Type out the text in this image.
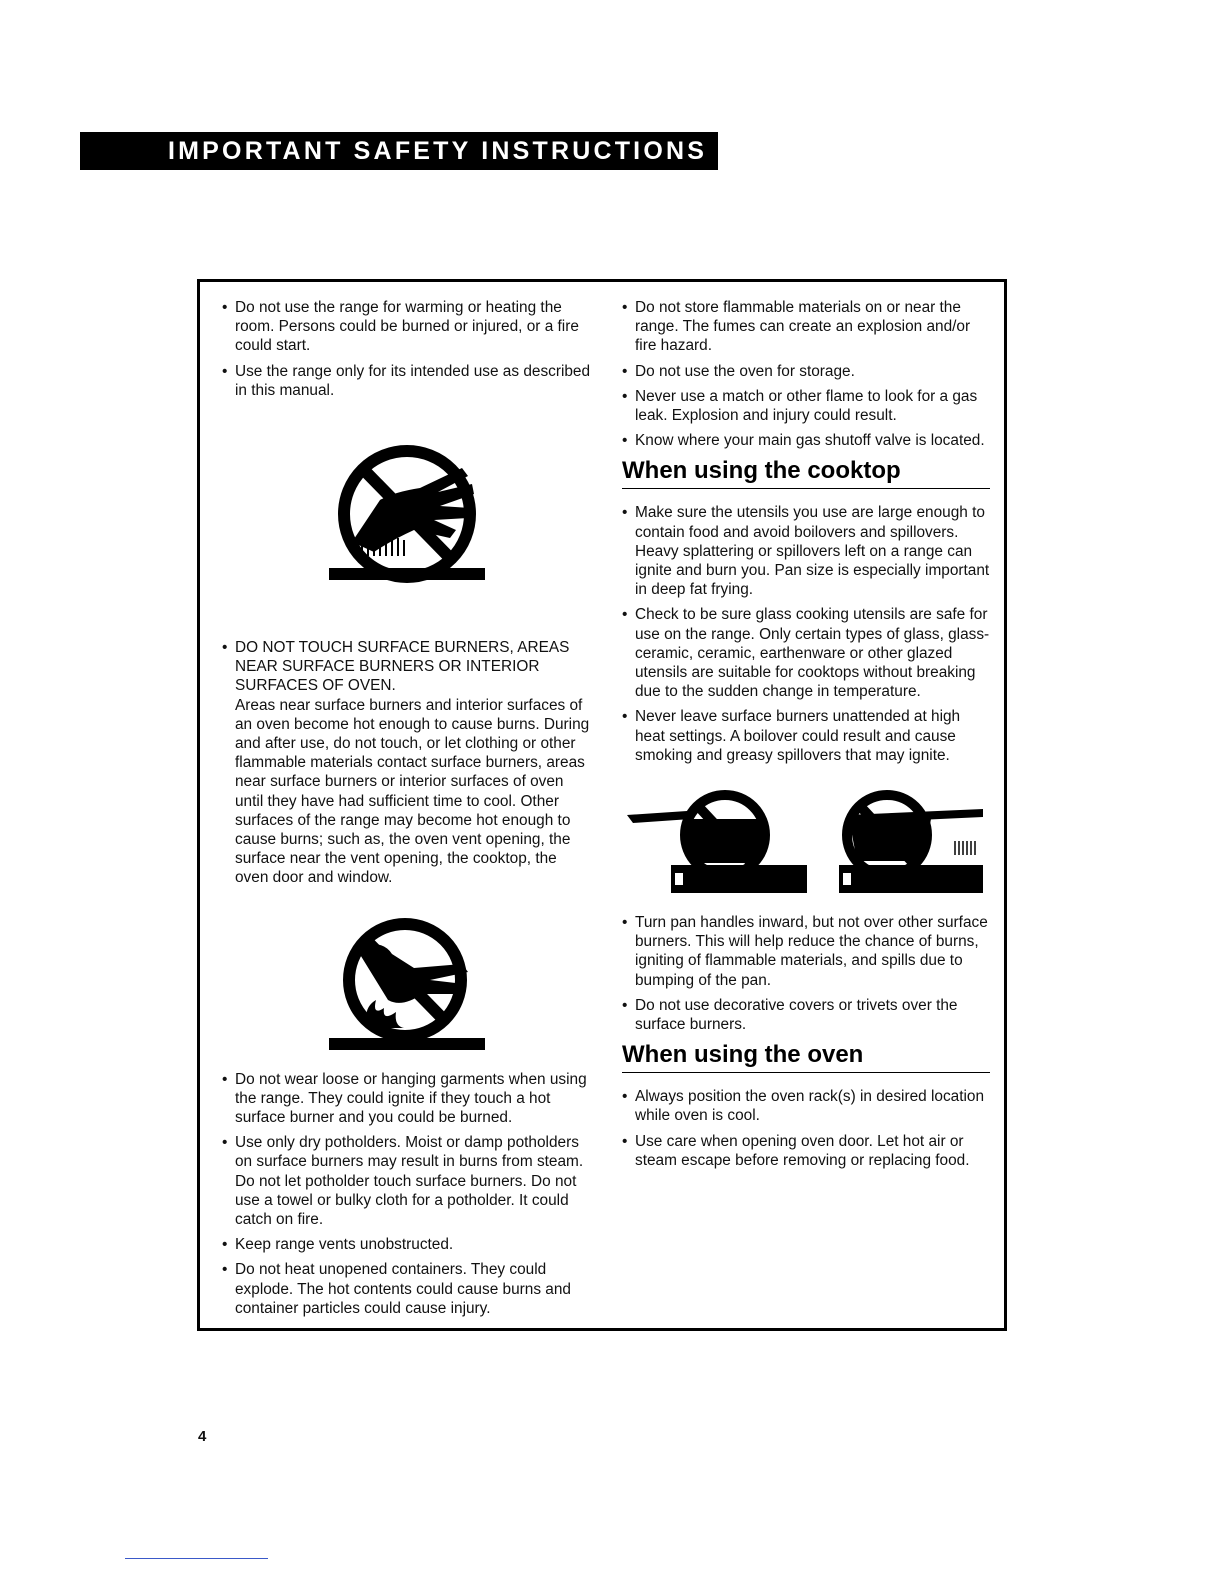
IMPORTANT SAFETY INSTRUCTIONS
• Do not use the range for warming or heating the room. Persons could be burned or injured, or a fire could start.
• Use the range only for its intended use as described in this manual.
• DO NOT TOUCH SURFACE BURNERS, AREAS NEAR SURFACE BURNERS OR INTERIOR SURFACES OF OVEN.
Areas near surface burners and interior surfaces of an oven become hot enough to cause burns. During and after use, do not touch, or let clothing or other flammable materials contact surface burners, areas near surface burners or interior surfaces of oven until they have had sufficient time to cool. Other surfaces of the range may become hot enough to cause burns; such as, the oven vent opening, the surface near the vent opening, the cooktop, the oven door and window.
• Do not wear loose or hanging garments when using the range. They could ignite if they touch a hot surface burner and you could be burned.
• Use only dry potholders. Moist or damp potholders on surface burners may result in burns from steam. Do not let potholder touch surface burners. Do not use a towel or bulky cloth for a potholder. It could catch on fire.
• Keep range vents unobstructed.
• Do not heat unopened containers. They could explode. The hot contents could cause burns and container particles could cause injury.
• Do not store flammable materials on or near the range. The fumes can create an explosion and/or fire hazard.
• Do not use the oven for storage.
• Never use a match or other flame to look for a gas leak. Explosion and injury could result.
• Know where your main gas shutoff valve is located.
When using the cooktop
• Make sure the utensils you use are large enough to contain food and avoid boilovers and spillovers. Heavy splattering or spillovers left on a range can ignite and burn you. Pan size is especially important in deep fat frying.
• Check to be sure glass cooking utensils are safe for use on the range. Only certain types of glass, glass-ceramic, ceramic, earthenware or other glazed utensils are suitable for cooktops without breaking due to the sudden change in temperature.
• Never leave surface burners unattended at high heat settings. A boilover could result and cause smoking and greasy spillovers that may ignite.
• Turn pan handles inward, but not over other surface burners. This will help reduce the chance of burns, igniting of flammable materials, and spills due to bumping of the pan.
• Do not use decorative covers or trivets over the surface burners.
When using the oven
• Always position the oven rack(s) in desired location while oven is cool.
• Use care when opening oven door. Let hot air or steam escape before removing or replacing food.
4
